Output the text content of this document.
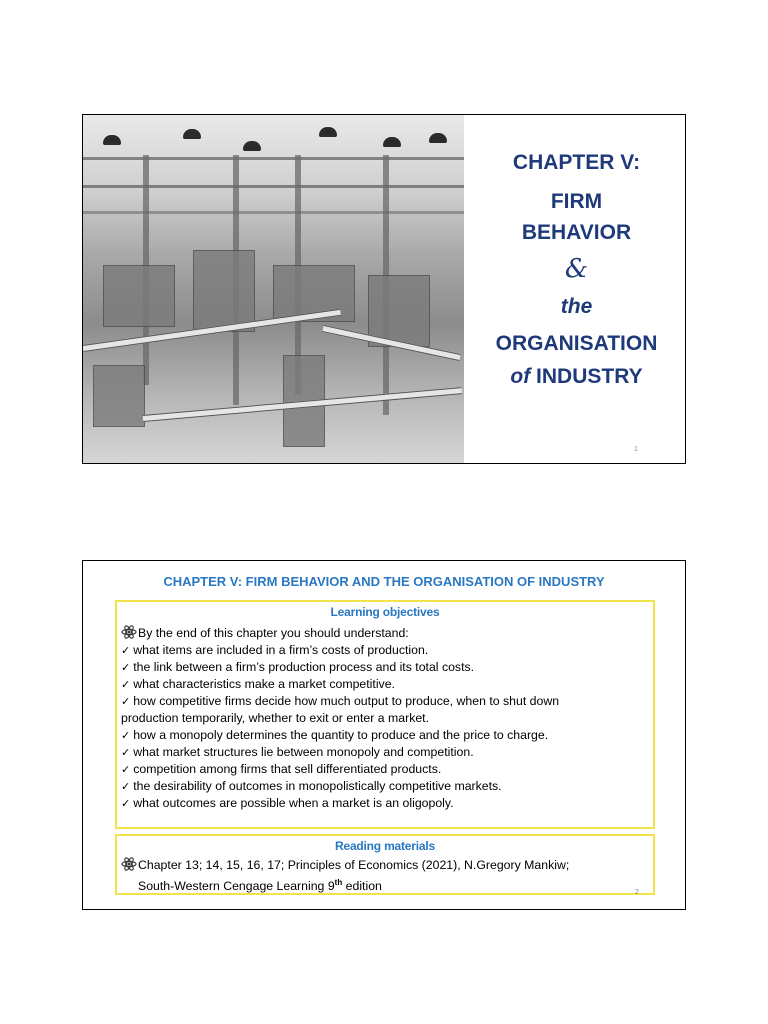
CHAPTER V:
FIRM
BEHAVIOR
&
the
ORGANISATION
of INDUSTRY
1
CHAPTER V: FIRM BEHAVIOR AND THE ORGANISATION OF INDUSTRY
Learning objectives
By the end of this chapter you should understand:
✓ what items are included in a firm’s costs of production.
✓ the link between a firm’s production process and its total costs.
✓ what characteristics make a market competitive.
✓ how competitive firms decide how much output to produce, when to shut down
production temporarily, whether to exit or enter a market.
✓ how a monopoly determines the quantity to produce and the price to charge.
✓ what market structures lie between monopoly and competition.
✓ competition among firms that sell differentiated products.
✓ the desirability of outcomes in monopolistically competitive markets.
✓ what outcomes are possible when a market is an oligopoly.
Reading materials
Chapter 13; 14, 15, 16, 17; Principles of Economics (2021), N.Gregory Mankiw;
South-Western Cengage Learning 9th edition	2
